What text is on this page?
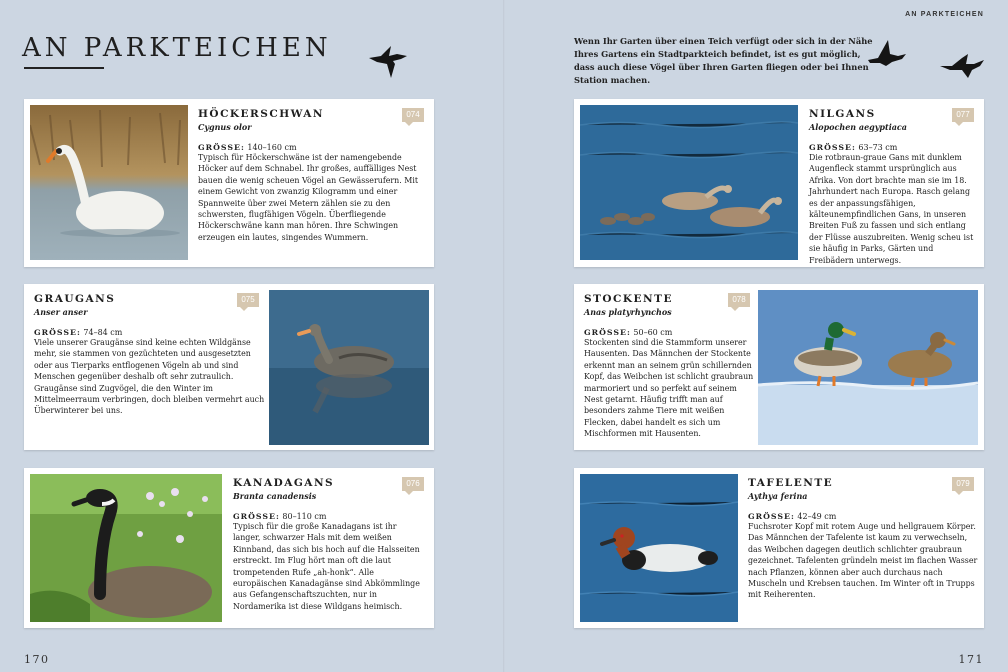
AN PARKTEICHEN
074
HÖCKERSCHWAN
Cygnus olor
GRÖSSE: 140–160 cm
Typisch für Höckerschwäne ist der namengebende Höcker auf dem Schnabel. Ihr großes, auffälliges Nest bauen die wenig scheuen Vögel an Gewässerufern. Mit einem Gewicht von zwanzig Kilogramm und einer Spannweite über zwei Metern zählen sie zu den schwersten, flugfähigen Vögeln. Überfliegende Höckerschwäne kann man hören. Ihre Schwingen erzeugen ein lautes, singendes Wummern.
075
GRAUGANS
Anser anser
GRÖSSE: 74–84 cm
Viele unserer Graugänse sind keine echten Wildgänse mehr, sie stammen von gezüchteten und ausgesetzten oder aus Tierparks entflogenen Vögeln ab und sind Menschen gegenüber deshalb oft sehr zutraulich. Graugänse sind Zugvögel, die den Winter im Mittelmeerraum verbringen, doch bleiben vermehrt auch Überwinterer bei uns.
076
KANADAGANS
Branta canadensis
GRÖSSE: 80–110 cm
Typisch für die große Kanadagans ist ihr langer, schwarzer Hals mit dem weißen Kinnband, das sich bis hoch auf die Halsseiten erstreckt. Im Flug hört man oft die laut trompetenden Rufe „ah-honk“. Alle europäischen Kanadagänse sind Abkömmlinge aus Gefangenschaftszuchten, nur in Nordamerika ist diese Wildgans heimisch.
170
AN PARKTEICHEN
Wenn Ihr Garten über einen Teich verfügt oder sich in der Nähe Ihres Gartens ein Stadtparkteich befindet, ist es gut möglich, dass auch diese Vögel über Ihren Garten fliegen oder bei Ihnen Station machen.
077
NILGANS
Alopochen aegyptiaca
GRÖSSE: 63–73 cm
Die rotbraun-graue Gans mit dunklem Augenfleck stammt ursprünglich aus Afrika. Von dort brachte man sie im 18. Jahrhundert nach Europa. Rasch gelang es der anpassungsfähigen, kälteunempfindlichen Gans, in unseren Breiten Fuß zu fassen und sich entlang der Flüsse auszubreiten. Wenig scheu ist sie häufig in Parks, Gärten und Freibädern unterwegs.
078
STOCKENTE
Anas platyrhynchos
GRÖSSE: 50–60 cm
Stockenten sind die Stammform unserer Hausenten. Das Männchen der Stockente erkennt man an seinem grün schillernden Kopf, das Weibchen ist schlicht graubraun marmoriert und so perfekt auf seinem Nest getarnt. Häufig trifft man auf besonders zahme Tiere mit weißen Flecken, dabei handelt es sich um Mischformen mit Hausenten.
079
TAFELENTE
Aythya ferina
GRÖSSE: 42–49 cm
Fuchsroter Kopf mit rotem Auge und hellgrauem Körper. Das Männchen der Tafelente ist kaum zu verwechseln, das Weibchen dagegen deutlich schlichter graubraun gezeichnet. Tafelenten gründeln meist im flachen Wasser nach Pflanzen, können aber auch durchaus nach Muscheln und Krebsen tauchen. Im Winter oft in Trupps mit Reiherenten.
171
